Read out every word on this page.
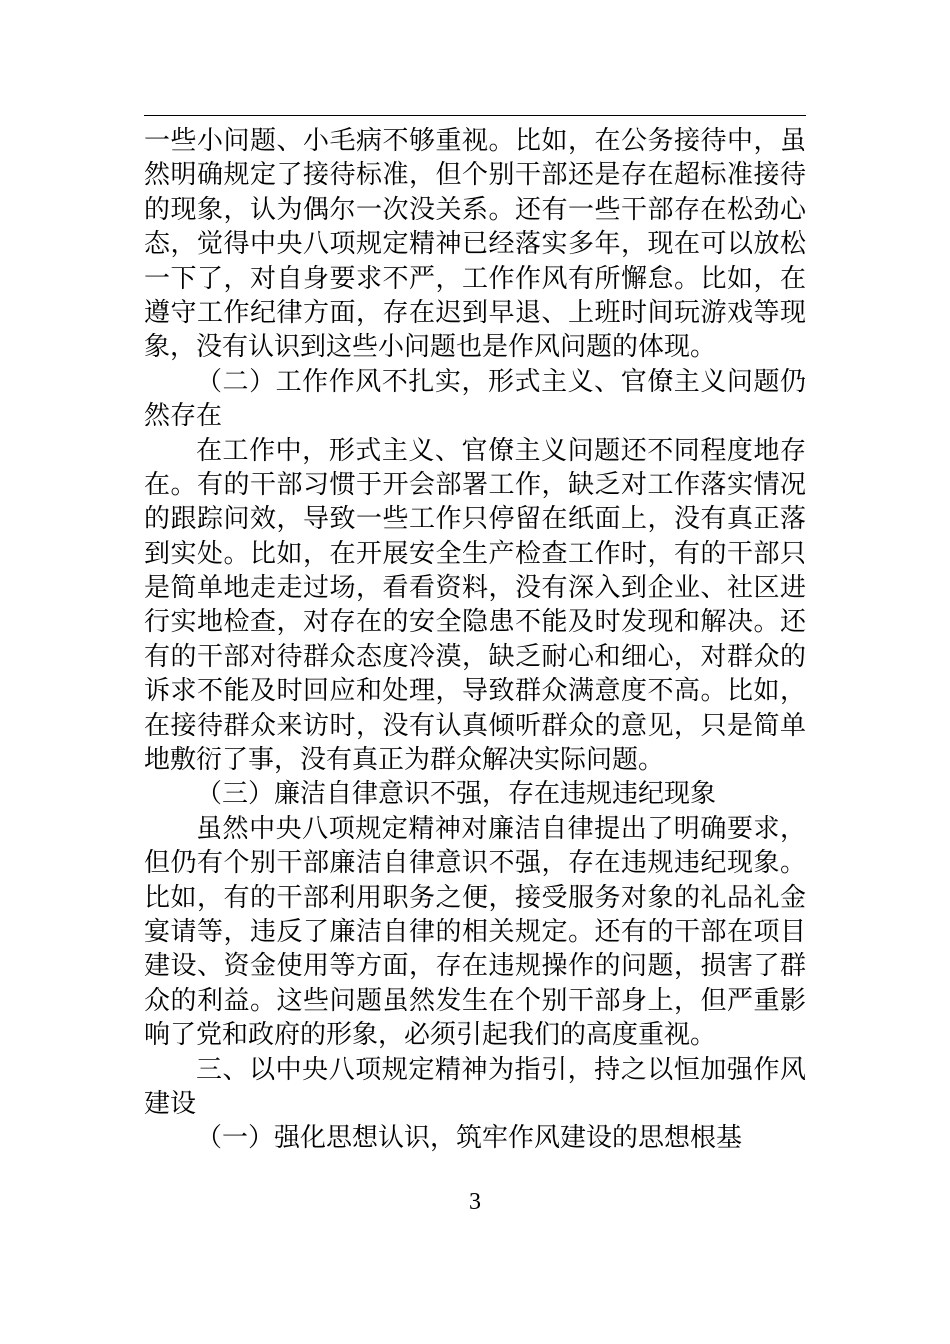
一些小问题、小毛病不够重视。比如，在公务接待中，虽
然明确规定了接待标准，但个别干部还是存在超标准接待
的现象，认为偶尔一次没关系。还有一些干部存在松劲心
态，觉得中央八项规定精神已经落实多年，现在可以放松
一下了，对自身要求不严，工作作风有所懈怠。比如，在
遵守工作纪律方面，存在迟到早退、上班时间玩游戏等现
象，没有认识到这些小问题也是作风问题的体现。
（二）工作作风不扎实，形式主义、官僚主义问题仍
然存在
在工作中，形式主义、官僚主义问题还不同程度地存
在。有的干部习惯于开会部署工作，缺乏对工作落实情况
的跟踪问效，导致一些工作只停留在纸面上，没有真正落
到实处。比如，在开展安全生产检查工作时，有的干部只
是简单地走走过场，看看资料，没有深入到企业、社区进
行实地检查，对存在的安全隐患不能及时发现和解决。还
有的干部对待群众态度冷漠，缺乏耐心和细心，对群众的
诉求不能及时回应和处理，导致群众满意度不高。比如，
在接待群众来访时，没有认真倾听群众的意见，只是简单
地敷衍了事，没有真正为群众解决实际问题。
（三）廉洁自律意识不强，存在违规违纪现象
虽然中央八项规定精神对廉洁自律提出了明确要求，
但仍有个别干部廉洁自律意识不强，存在违规违纪现象。
比如，有的干部利用职务之便，接受服务对象的礼品礼金
宴请等，违反了廉洁自律的相关规定。还有的干部在项目
建设、资金使用等方面，存在违规操作的问题，损害了群
众的利益。这些问题虽然发生在个别干部身上，但严重影
响了党和政府的形象，必须引起我们的高度重视。
三、以中央八项规定精神为指引，持之以恒加强作风
建设
（一）强化思想认识，筑牢作风建设的思想根基
3
